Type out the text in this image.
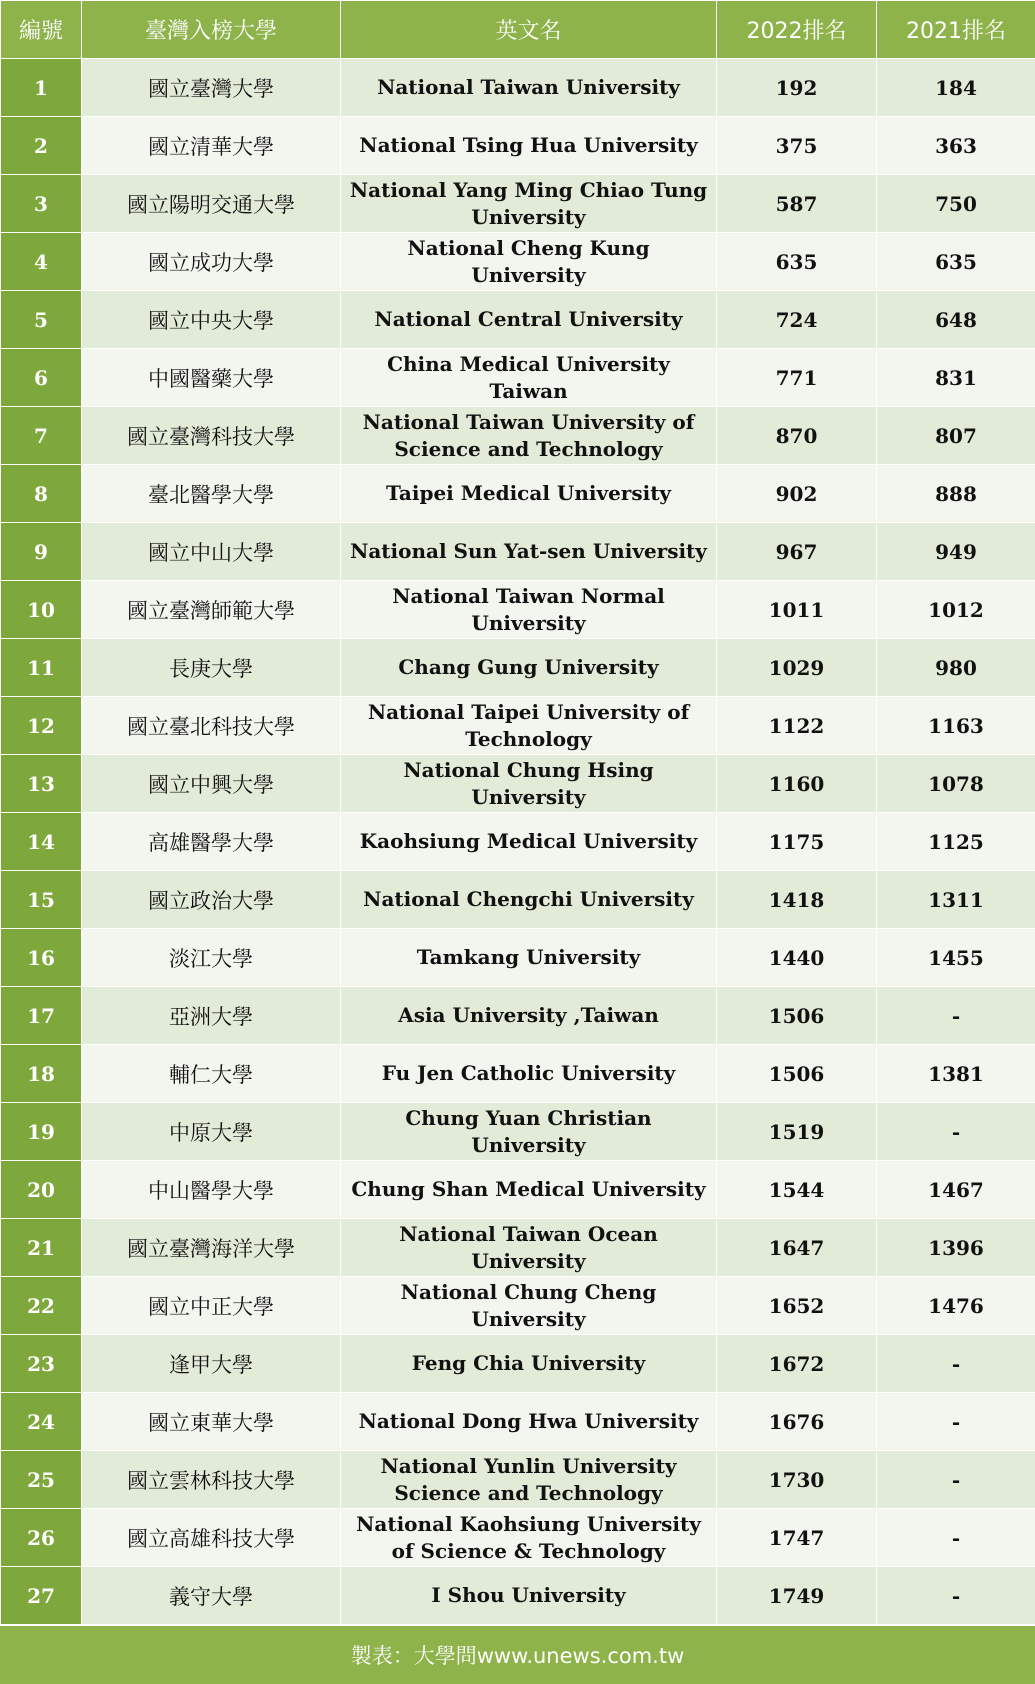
編號	臺灣入榜大學	英文名	2022排名	2021排名
1	國立臺灣大學	National Taiwan University	192	184
2	國立清華大學	National Tsing Hua University	375	363
3	國立陽明交通大學	National Yang Ming Chiao Tung University	587	750
4	國立成功大學	National Cheng Kung University	635	635
5	國立中央大學	National Central University	724	648
6	中國醫藥大學	China Medical University Taiwan	771	831
7	國立臺灣科技大學	National Taiwan University of Science and Technology	870	807
8	臺北醫學大學	Taipei Medical University	902	888
9	國立中山大學	National Sun Yat-sen University	967	949
10	國立臺灣師範大學	National Taiwan Normal University	1011	1012
11	長庚大學	Chang Gung University	1029	980
12	國立臺北科技大學	National Taipei University of Technology	1122	1163
13	國立中興大學	National Chung Hsing University	1160	1078
14	高雄醫學大學	Kaohsiung Medical University	1175	1125
15	國立政治大學	National Chengchi University	1418	1311
16	淡江大學	Tamkang University	1440	1455
17	亞洲大學	Asia University ,Taiwan	1506	-
18	輔仁大學	Fu Jen Catholic University	1506	1381
19	中原大學	Chung Yuan Christian University	1519	-
20	中山醫學大學	Chung Shan Medical University	1544	1467
21	國立臺灣海洋大學	National Taiwan Ocean University	1647	1396
22	國立中正大學	National Chung Cheng University	1652	1476
23	逢甲大學	Feng Chia University	1672	-
24	國立東華大學	National Dong Hwa University	1676	-
25	國立雲林科技大學	National Yunlin University Science and Technology	1730	-
26	國立高雄科技大學	National Kaohsiung University of Science & Technology	1747	-
27	義守大學	I Shou University	1749	-
製表：大學問www.unews.com.tw
